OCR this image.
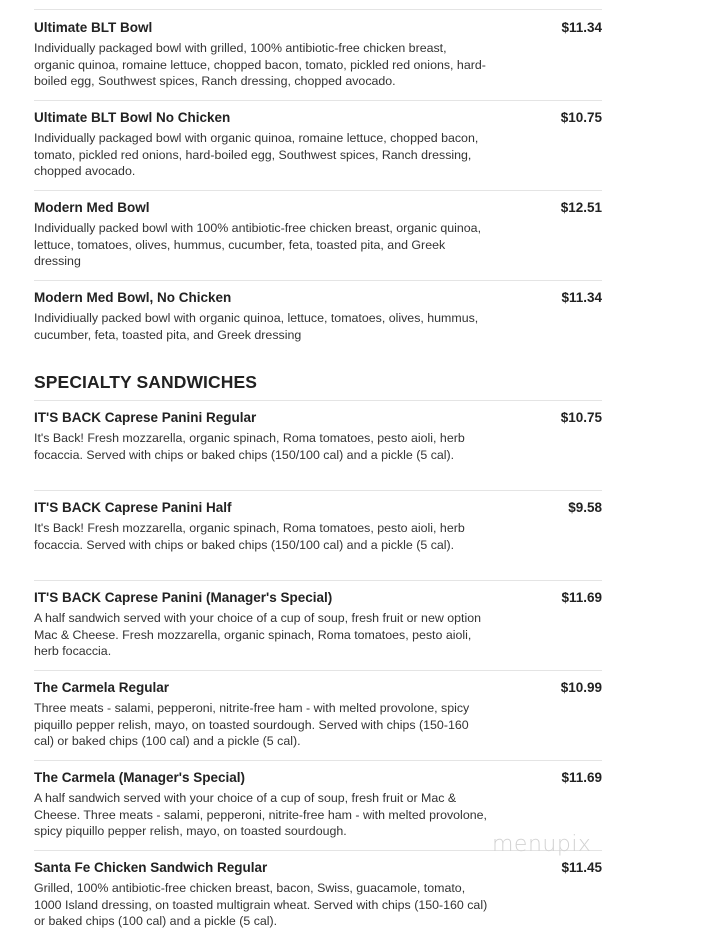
Ultimate BLT Bowl	$11.34
Individually packaged bowl with grilled, 100% antibiotic-free chicken breast, organic quinoa, romaine lettuce, chopped bacon, tomato, pickled red onions, hard-boiled egg, Southwest spices, Ranch dressing, chopped avocado.
Ultimate BLT Bowl No Chicken	$10.75
Individually packaged bowl with organic quinoa, romaine lettuce, chopped bacon, tomato, pickled red onions, hard-boiled egg, Southwest spices, Ranch dressing, chopped avocado.
Modern Med Bowl	$12.51
Individually packed bowl with 100% antibiotic-free chicken breast, organic quinoa, lettuce, tomatoes, olives, hummus, cucumber, feta, toasted pita, and Greek dressing
Modern Med Bowl, No Chicken	$11.34
Individiually packed bowl with organic quinoa, lettuce, tomatoes, olives, hummus, cucumber, feta, toasted pita, and Greek dressing
SPECIALTY SANDWICHES
IT'S BACK Caprese Panini Regular	$10.75
It's Back! Fresh mozzarella, organic spinach, Roma tomatoes, pesto aioli, herb focaccia. Served with chips or baked chips (150/100 cal) and a pickle (5 cal).
IT'S BACK Caprese Panini Half	$9.58
It's Back! Fresh mozzarella, organic spinach, Roma tomatoes, pesto aioli, herb focaccia. Served with chips or baked chips (150/100 cal) and a pickle (5 cal).
IT'S BACK Caprese Panini (Manager's Special)	$11.69
A half sandwich served with your choice of a cup of soup, fresh fruit or new option Mac & Cheese. Fresh mozzarella, organic spinach, Roma tomatoes, pesto aioli, herb focaccia.
The Carmela Regular	$10.99
Three meats - salami, pepperoni, nitrite-free ham - with melted provolone, spicy piquillo pepper relish, mayo, on toasted sourdough. Served with chips (150-160 cal) or baked chips (100 cal) and a pickle (5 cal).
The Carmela (Manager's Special)	$11.69
A half sandwich served with your choice of a cup of soup, fresh fruit or Mac & Cheese. Three meats - salami, pepperoni, nitrite-free ham - with melted provolone, spicy piquillo pepper relish, mayo, on toasted sourdough.
Santa Fe Chicken Sandwich Regular	$11.45
Grilled, 100% antibiotic-free chicken breast, bacon, Swiss, guacamole, tomato, 1000 Island dressing, on toasted multigrain wheat. Served with chips (150-160 cal) or baked chips (100 cal) and a pickle (5 cal).
menupix
